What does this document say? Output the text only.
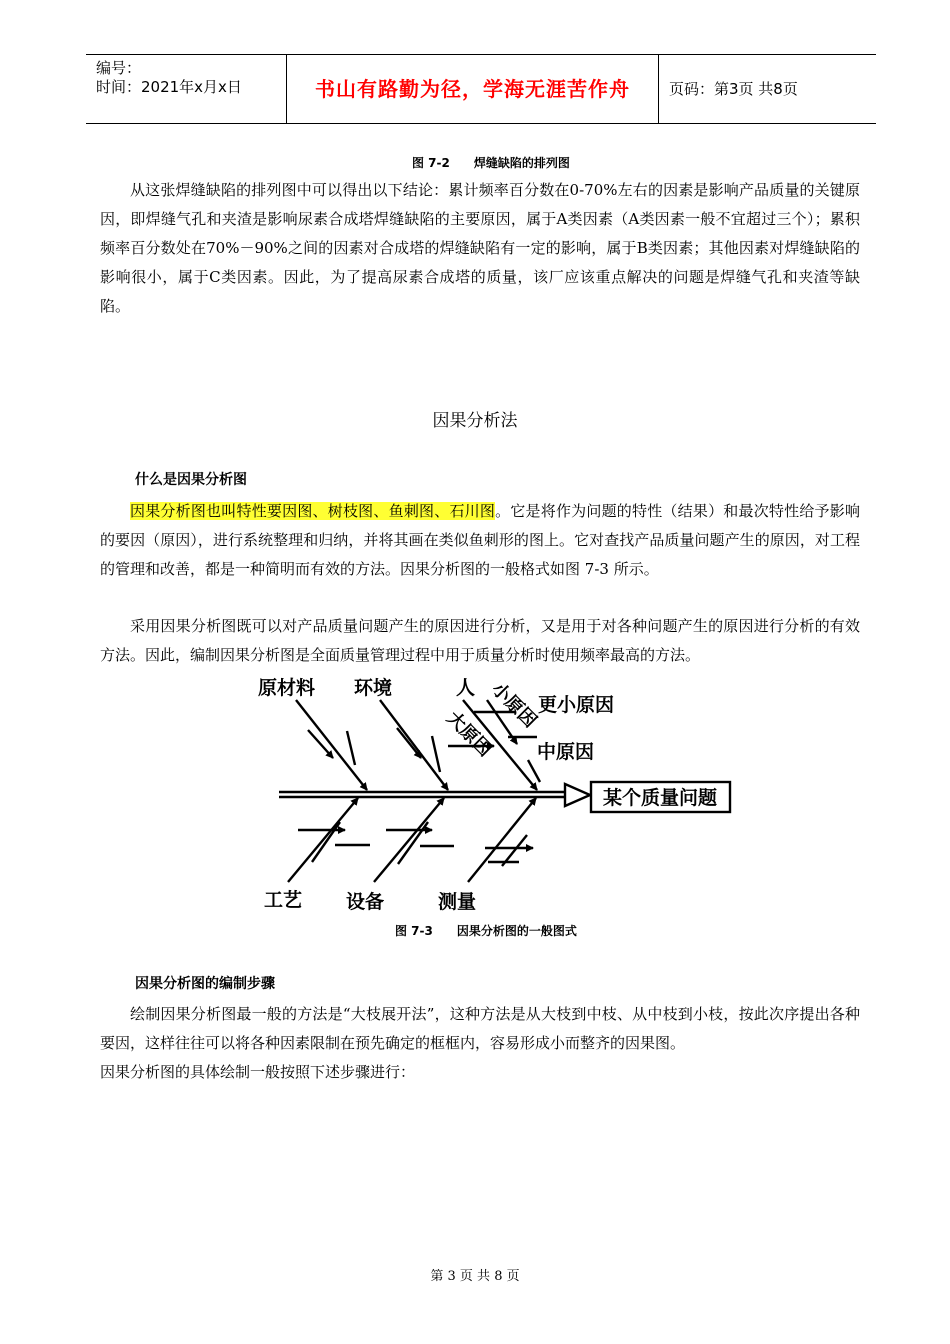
编号：
时间：2021年x月x日	书山有路勤为径，学海无涯苦作舟	页码：第3页 共8页
图 7-2 焊缝缺陷的排列图
从这张焊缝缺陷的排列图中可以得出以下结论：累计频率百分数在0-70%左右的因素是影响产品质量的关键原因，即焊缝气孔和夹渣是影响尿素合成塔焊缝缺陷的主要原因，属于A类因素（A类因素一般不宜超过三个）；累积频率百分数处在70%－90%之间的因素对合成塔的焊缝缺陷有一定的影响，属于B类因素；其他因素对焊缝缺陷的影响很小，属于C类因素。因此，为了提高尿素合成塔的质量，该厂应该重点解决的问题是焊缝气孔和夹渣等缺陷。
因果分析法
什么是因果分析图
因果分析图也叫特性要因图、树枝图、鱼刺图、石川图。它是将作为问题的特性（结果）和最次特性给予影响的要因（原因），进行系统整理和归纳，并将其画在类似鱼刺形的图上。它对查找产品质量问题产生的原因，对工程的管理和改善，都是一种简明而有效的方法。因果分析图的一般格式如图 7-3 所示。
采用因果分析图既可以对产品质量问题产生的原因进行分析，又是用于对各种问题产生的原因进行分析的有效方法。因此，编制因果分析图是全面质量管理过程中用于质量分析时使用频率最高的方法。
某个质量问题
原材料 环境	人 小原因
大原因
更小原因
中原因
工艺 设备	测量
图 7-3 因果分析图的一般图式
因果分析图的编制步骤
绘制因果分析图最一般的方法是“大枝展开法”，这种方法是从大枝到中枝、从中枝到小枝，按此次序提出各种要因，这样往往可以将各种因素限制在预先确定的框框内，容易形成小而整齐的因果图。
因果分析图的具体绘制一般按照下述步骤进行：
第 3 页 共 8 页
